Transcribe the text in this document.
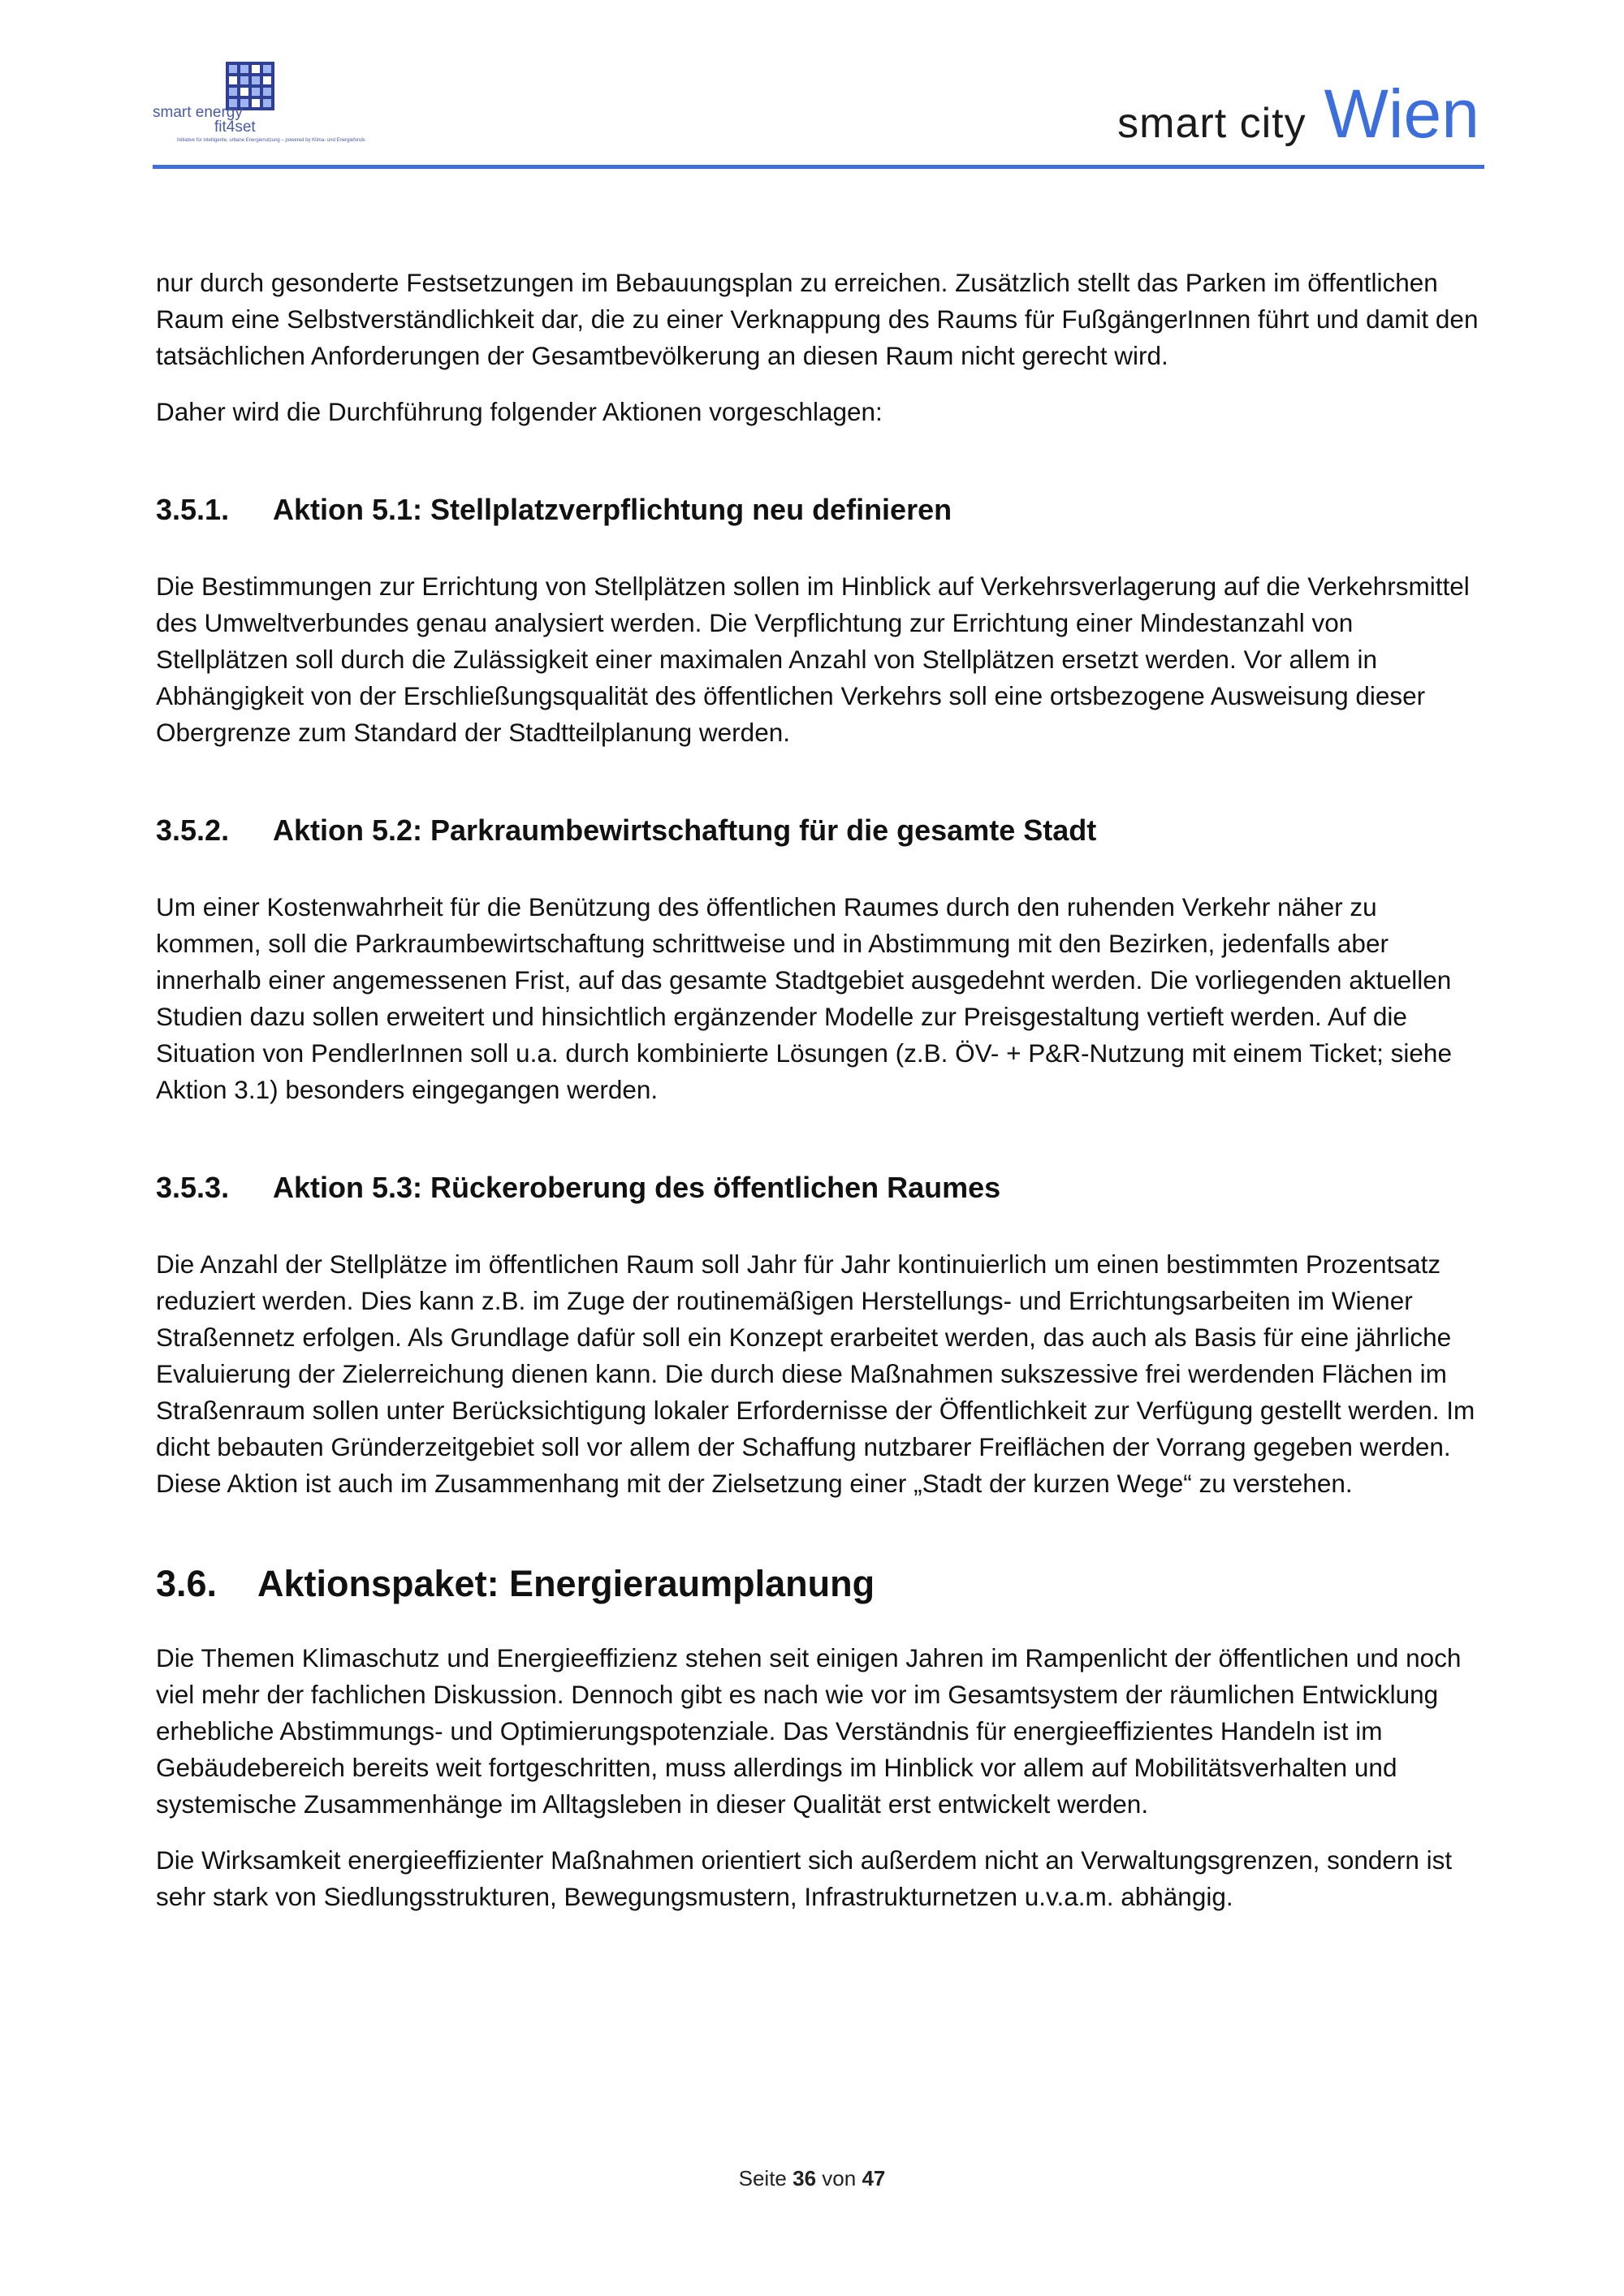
smart energy
fit4set
Initiative für intelligente, urbane Energienutzung – powered by Klima- und Energiefonds	smart city Wien

nur durch gesonderte Festsetzungen im Bebauungsplan zu erreichen. Zusätzlich stellt das Parken im öffentlichen Raum eine Selbstverständlichkeit dar, die zu einer Verknappung des Raums für FußgängerInnen führt und damit den tatsächlichen Anforderungen der Gesamtbevölkerung an diesen Raum nicht gerecht wird.

Daher wird die Durchführung folgender Aktionen vorgeschlagen:

3.5.1. Aktion 5.1: Stellplatzverpflichtung neu definieren

Die Bestimmungen zur Errichtung von Stellplätzen sollen im Hinblick auf Verkehrsverlagerung auf die Verkehrsmittel des Umweltverbundes genau analysiert werden. Die Verpflichtung zur Errichtung einer Mindestanzahl von Stellplätzen soll durch die Zulässigkeit einer maximalen Anzahl von Stellplätzen ersetzt werden. Vor allem in Abhängigkeit von der Erschließungsqualität des öffentlichen Verkehrs soll eine ortsbezogene Ausweisung dieser Obergrenze zum Standard der Stadtteilplanung werden.

3.5.2. Aktion 5.2: Parkraumbewirtschaftung für die gesamte Stadt

Um einer Kostenwahrheit für die Benützung des öffentlichen Raumes durch den ruhenden Verkehr näher zu kommen, soll die Parkraumbewirtschaftung schrittweise und in Abstimmung mit den Bezirken, jedenfalls aber innerhalb einer angemessenen Frist, auf das gesamte Stadtgebiet ausgedehnt werden. Die vorliegenden aktuellen Studien dazu sollen erweitert und hinsichtlich ergänzender Modelle zur Preisgestaltung vertieft werden. Auf die Situation von PendlerInnen soll u.a. durch kombinierte Lösungen (z.B. ÖV- + P&R-Nutzung mit einem Ticket; siehe Aktion 3.1) besonders eingegangen werden.

3.5.3. Aktion 5.3: Rückeroberung des öffentlichen Raumes

Die Anzahl der Stellplätze im öffentlichen Raum soll Jahr für Jahr kontinuierlich um einen bestimmten Prozentsatz reduziert werden. Dies kann z.B. im Zuge der routinemäßigen Herstellungs- und Errichtungsarbeiten im Wiener Straßennetz erfolgen. Als Grundlage dafür soll ein Konzept erarbeitet werden, das auch als Basis für eine jährliche Evaluierung der Zielerreichung dienen kann. Die durch diese Maßnahmen sukszessive frei werdenden Flächen im Straßenraum sollen unter Berücksichtigung lokaler Erfordernisse der Öffentlichkeit zur Verfügung gestellt werden. Im dicht bebauten Gründerzeitgebiet soll vor allem der Schaffung nutzbarer Freiflächen der Vorrang gegeben werden. Diese Aktion ist auch im Zusammenhang mit der Zielsetzung einer „Stadt der kurzen Wege“ zu verstehen.

3.6. Aktionspaket: Energieraumplanung

Die Themen Klimaschutz und Energieeffizienz stehen seit einigen Jahren im Rampenlicht der öffentlichen und noch viel mehr der fachlichen Diskussion. Dennoch gibt es nach wie vor im Gesamtsystem der räumlichen Entwicklung erhebliche Abstimmungs- und Optimierungspotenziale. Das Verständnis für energieeffizientes Handeln ist im Gebäudebereich bereits weit fortgeschritten, muss allerdings im Hinblick vor allem auf Mobilitätsverhalten und systemische Zusammenhänge im Alltagsleben in dieser Qualität erst entwickelt werden.

Die Wirksamkeit energieeffizienter Maßnahmen orientiert sich außerdem nicht an Verwaltungsgrenzen, sondern ist sehr stark von Siedlungsstrukturen, Bewegungsmustern, Infrastrukturnetzen u.v.a.m. abhängig.

Seite 36 von 47
